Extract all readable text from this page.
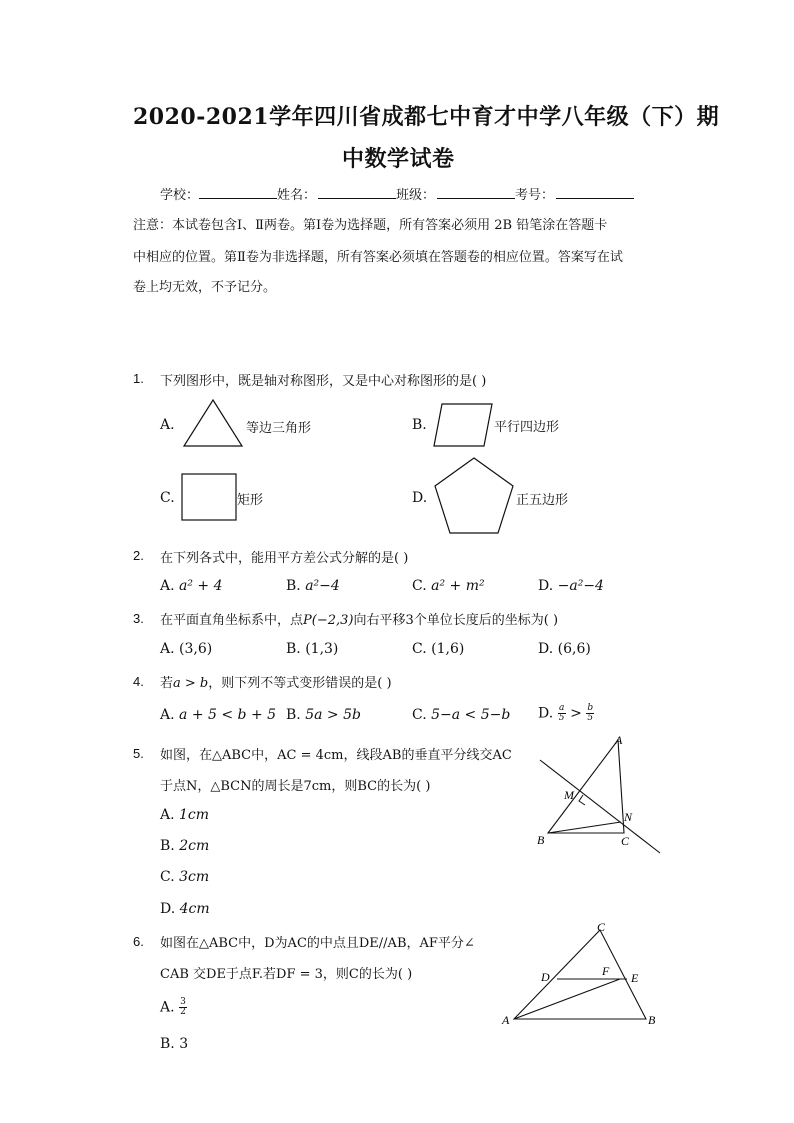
2020-2021学年四川省成都七中育才中学八年级（下）期
中数学试卷
学校：	姓名：	班级：	考号：
注意：本试卷包含Ⅰ、Ⅱ两卷。第Ⅰ卷为选择题，所有答案必须用 2B 铅笔涂在答题卡
中相应的位置。第Ⅱ卷为非选择题，所有答案必须填在答题卷的相应位置。答案写在试
卷上均无效，不予记分。
1. 下列图形中，既是轴对称图形，又是中心对称图形的是( )
A.	等边三角形	B.	平行四边形
C.	矩形	D.	正五边形
2. 在下列各式中，能用平方差公式分解的是( )
A. a² + 4	B. a²−4	C. a² + m²	D. −a²−4
3. 在平面直角坐标系中，点P(−2,3)向右平移3个单位长度后的坐标为( )
A. (3,6)	B. (1,3)	C. (1,6)	D. (6,6)
4. 若a > b，则下列不等式变形错误的是( )
A. a + 5 < b + 5 B. 5a > 5b	C. 5−a < 5−b D. $\frac{a}{5} > \frac{b}{5}$
5. 如图，在△ABC中，AC = 4cm，线段AB的垂直平分线交AC
于点N，△BCN的周长是7cm，则BC的长为( )
A. 1cm
B. 2cm
C. 3cm
D. 4cm
A
M
N
B	C
6. 如图在△ABC中，D为AC的中点且DE//AB，AF平分∠
CAB 交DE于点F.若DF = 3，则C的长为( )
A. $\frac{3}{2}$
B. 3
C
D	F E
A	B
